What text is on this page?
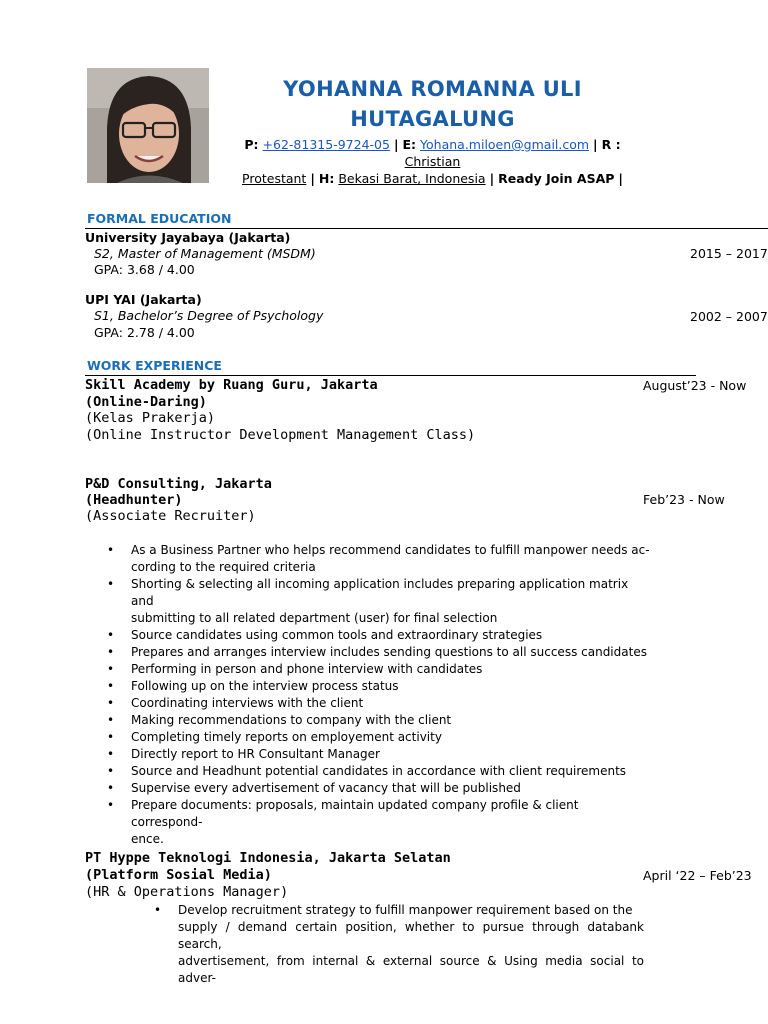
YOHANNA ROMANNA ULI
HUTAGALUNG
P: +62-81315-9724-05 | E: Yohana.miloen@gmail.com | R : Christian
Protestant | H: Bekasi Barat, Indonesia | Ready Join ASAP |
FORMAL EDUCATION
University Jayabaya (Jakarta)
S2, Master of Management (MSDM)
GPA: 3.68 / 4.00
2015 – 2017
UPI YAI (Jakarta)
S1, Bachelor’s Degree of Psychology
GPA: 2.78 / 4.00
2002 – 2007
WORK EXPERIENCE
Skill Academy by Ruang Guru, Jakarta
(Online-Daring)
(Kelas Prakerja)
(Online Instructor Development Management Class)
August’23 - Now
P&D Consulting, Jakarta
(Headhunter)
(Associate Recruiter)
Feb’23 - Now
• As a Business Partner who helps recommend candidates to fulfill manpower needs ac-
cording to the required criteria
• Shorting & selecting all incoming application includes preparing application matrix and
submitting to all related department (user) for final selection
• Source candidates using common tools and extraordinary strategies
• Prepares and arranges interview includes sending questions to all success candidates
• Performing in person and phone interview with candidates
• Following up on the interview process status
• Coordinating interviews with the client
• Making recommendations to company with the client
• Completing timely reports on employement activity
• Directly report to HR Consultant Manager
• Source and Headhunt potential candidates in accordance with client requirements
• Supervise every advertisement of vacancy that will be published
• Prepare documents: proposals, maintain updated company profile & client correspond-
ence.
PT Hyppe Teknologi Indonesia, Jakarta Selatan
(Platform Sosial Media)
(HR & Operations Manager)
April ‘22 – Feb’23
• Develop recruitment strategy to fulfill manpower requirement based on the
supply / demand certain position, whether to pursue through databank search,
advertisement, from internal & external source & Using media social to adver-
